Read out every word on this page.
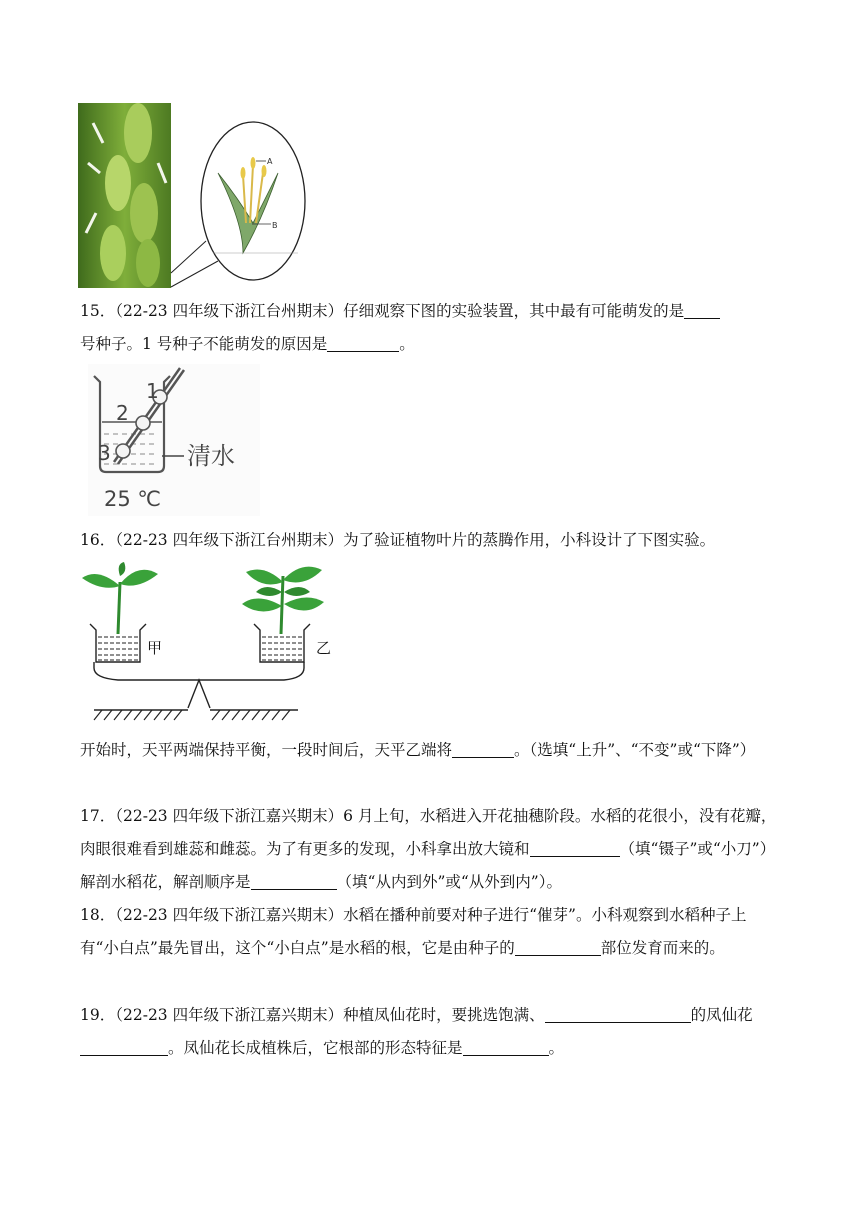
A
B

15．（22-23 四年级下浙江台州期末）仔细观察下图的实验装置，其中最有可能萌发的是
号种子。1 号种子不能萌发的原因是	。

1
2
3	清水
25 ℃

16．（22-23 四年级下浙江台州期末）为了验证植物叶片的蒸腾作用，小科设计了下图实验。

甲	乙

开始时，天平两端保持平衡，一段时间后，天平乙端将	。（选填“上升”、“不变”或“下降”）

17．（22-23 四年级下浙江嘉兴期末）6 月上旬，水稻进入开花抽穗阶段。水稻的花很小，没有花瓣，肉眼很难看到雄蕊和雌蕊。为了有更多的发现，小科拿出放大镜和	（填“镊子”或“小刀”）解剖水稻花，解剖顺序是	（填“从内到外”或“从外到内”）。

18．（22-23 四年级下浙江嘉兴期末）水稻在播种前要对种子进行“催芽”。小科观察到水稻种子上有“小白点”最先冒出，这个“小白点”是水稻的根，它是由种子的	部位发育而来的。

19．（22-23 四年级下浙江嘉兴期末）种植凤仙花时，要挑选饱满、	的凤仙花。凤仙花长成植株后，它根部的形态特征是	。
